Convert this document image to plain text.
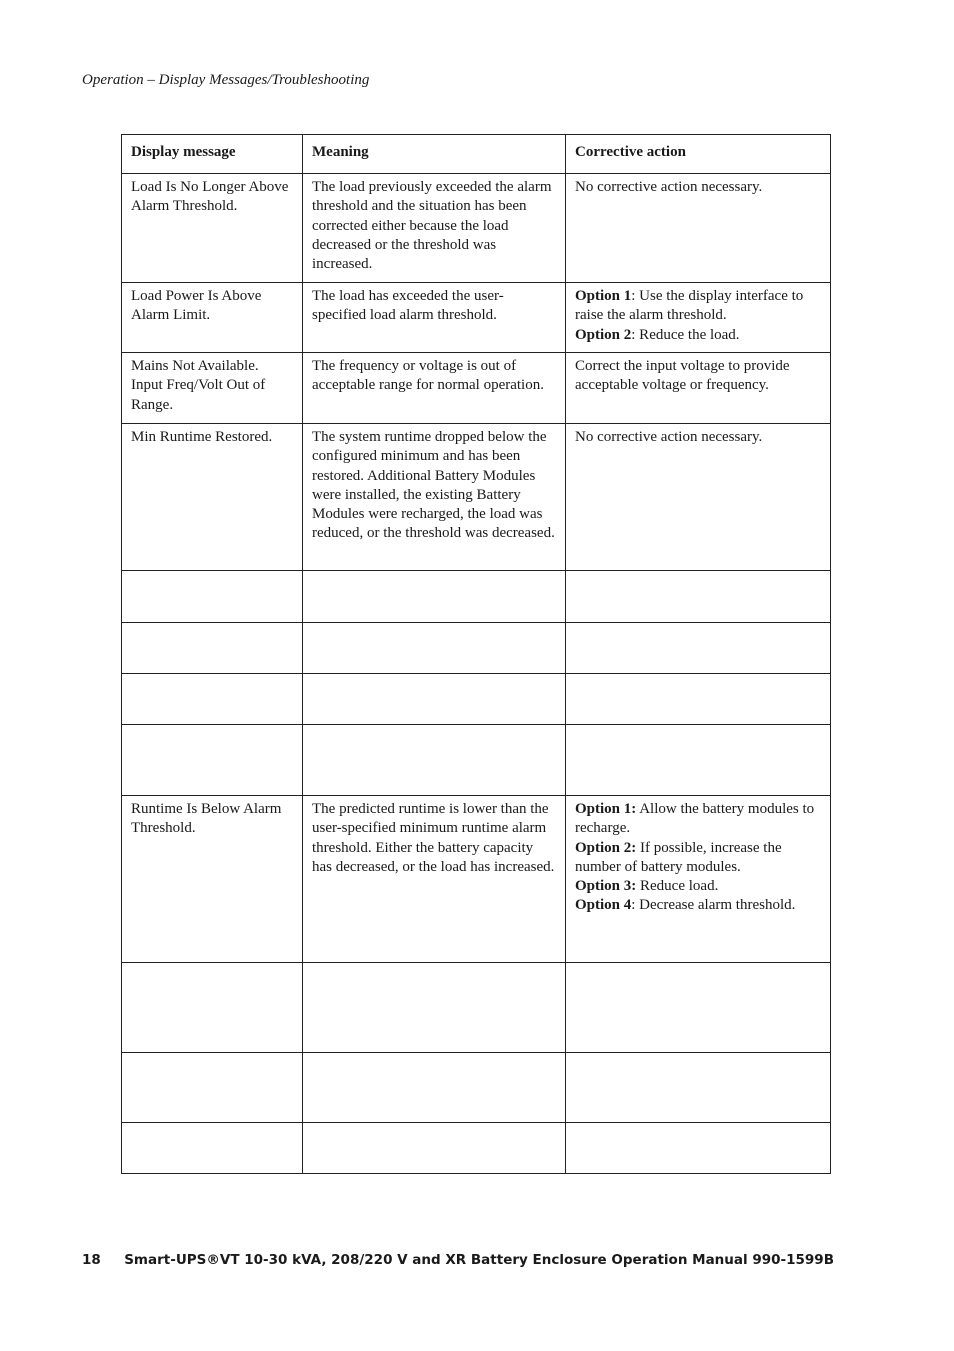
Operation – Display Messages/Troubleshooting
Display message	Meaning	Corrective action
Load Is No Longer Above Alarm Threshold.	The load previously exceeded the alarm threshold and the situation has been corrected either because the load decreased or the threshold was increased.	No corrective action necessary.

Load Power Is Above Alarm Limit.	The load has exceeded the user-specified load alarm threshold.	Option 1: Use the display interface to raise the alarm threshold.
Option 2: Reduce the load.

Mains Not Available. Input Freq/Volt Out of Range.	The frequency or voltage is out of acceptable range for normal operation.	Correct the input voltage to provide acceptable voltage or frequency.

Min Runtime Restored.	The system runtime dropped below the configured minimum and has been restored. Additional Battery Modules were installed, the existing Battery Modules were recharged, the load was reduced, or the threshold was decreased.	No corrective action necessary.

Runtime Is Below Alarm Threshold.	The predicted runtime is lower than the user-specified minimum runtime alarm threshold. Either the battery capacity has decreased, or the load has increased.	Option 1: Allow the battery modules to recharge.
Option 2: If possible, increase the number of battery modules.
Option 3: Reduce load.
Option 4: Decrease alarm threshold.

18 Smart-UPS®VT 10-30 kVA, 208/220 V and XR Battery Enclosure Operation Manual 990-1599B
